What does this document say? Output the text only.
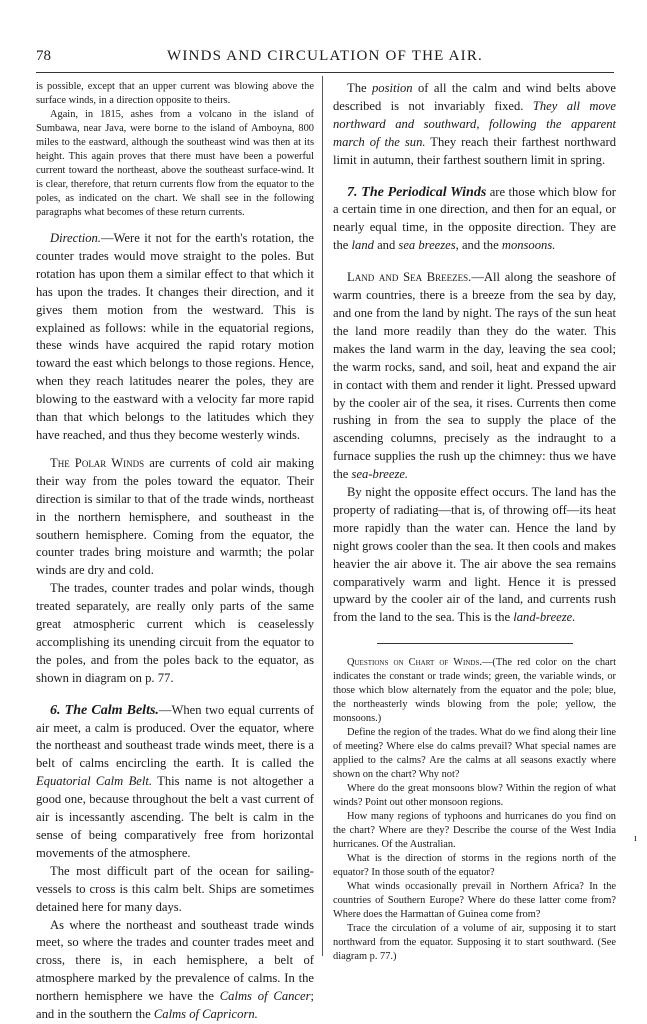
78	WINDS AND CIRCULATION OF THE AIR.

is possible, except that an upper current was blowing above the surface winds, in a direction opposite to theirs.

Again, in 1815, ashes from a volcano in the island of Sumbawa, near Java, were borne to the island of Amboyna, 800 miles to the eastward, although the southeast wind was then at its height. This again proves that there must have been a powerful current toward the northeast, above the southeast surface-wind. It is clear, therefore, that return currents flow from the equator to the poles, as indicated on the chart. We shall see in the following paragraphs what becomes of these return currents.

Direction.—Were it not for the earth's rotation, the counter trades would move straight to the poles. But rotation has upon them a similar effect to that which it has upon the trades. It changes their direction, and it gives them motion from the westward. This is explained as follows: while in the equatorial regions, these winds have acquired the rapid rotary motion toward the east which belongs to those regions. Hence, when they reach latitudes nearer the poles, they are blowing to the eastward with a velocity far more rapid than that which belongs to the latitudes which they have reached, and thus they become westerly winds.

The Polar Winds are currents of cold air making their way from the poles toward the equator. Their direction is similar to that of the trade winds, northeast in the northern hemisphere, and southeast in the southern hemisphere. Coming from the equator, the counter trades bring moisture and warmth; the polar winds are dry and cold.

The trades, counter trades and polar winds, though treated separately, are really only parts of the same great atmospheric current which is ceaselessly accomplishing its unending circuit from the equator to the poles, and from the poles back to the equator, as shown in diagram on p. 77.

6. The Calm Belts.—When two equal currents of air meet, a calm is produced. Over the equator, where the northeast and southeast trade winds meet, there is a belt of calms encircling the earth. It is called the Equatorial Calm Belt. This name is not altogether a good one, because throughout the belt a vast current of air is incessantly ascending. The belt is calm in the sense of being comparatively free from horizontal movements of the atmosphere.

The most difficult part of the ocean for sailing-vessels to cross is this calm belt. Ships are sometimes detained here for many days.

As where the northeast and southeast trade winds meet, so where the trades and counter trades meet and cross, there is, in each hemisphere, a belt of atmosphere marked by the prevalence of calms. In the northern hemisphere we have the Calms of Cancer; and in the southern the Calms of Capricorn.

The position of all the calm and wind belts above described is not invariably fixed. They all move northward and southward, following the apparent march of the sun. They reach their farthest northward limit in autumn, their farthest southern limit in spring.

7. The Periodical Winds are those which blow for a certain time in one direction, and then for an equal, or nearly equal time, in the opposite direction. They are the land and sea breezes, and the monsoons.

Land and Sea Breezes.—All along the seashore of warm countries, there is a breeze from the sea by day, and one from the land by night. The rays of the sun heat the land more readily than they do the water. This makes the land warm in the day, leaving the sea cool; the warm rocks, sand, and soil, heat and expand the air in contact with them and render it light. Pressed upward by the cooler air of the sea, it rises. Currents then come rushing in from the sea to supply the place of the ascending columns, precisely as the indraught to a furnace supplies the rush up the chimney: thus we have the sea-breeze.

By night the opposite effect occurs. The land has the property of radiating—that is, of throwing off—its heat more rapidly than the water can. Hence the land by night grows cooler than the sea. It then cools and makes heavier the air above it. The air above the sea remains comparatively warm and light. Hence it is pressed upward by the cooler air of the land, and currents rush from the land to the sea. This is the land-breeze.

Questions on Chart of Winds.—(The red color on the chart indicates the constant or trade winds; green, the variable winds, or those which blow alternately from the equator and the pole; blue, the northeasterly winds blowing from the pole; yellow, the monsoons.)

Define the region of the trades. What do we find along their line of meeting? Where else do calms prevail? What special names are applied to the calms? Are the calms at all seasons exactly where shown on the chart? Why not?

Where do the great monsoons blow? Within the region of what winds? Point out other monsoon regions.

How many regions of typhoons and hurricanes do you find on the chart? Where are they? Describe the course of the West India hurricanes. Of the Australian.

What is the direction of storms in the regions north of the equator? In those south of the equator?

What winds occasionally prevail in Northern Africa? In the countries of Southern Europe? Where do these latter come from? Where does the Harmattan of Guinea come from?

Trace the circulation of a volume of air, supposing it to start northward from the equator. Supposing it to start southward. (See diagram p. 77.)

ı
